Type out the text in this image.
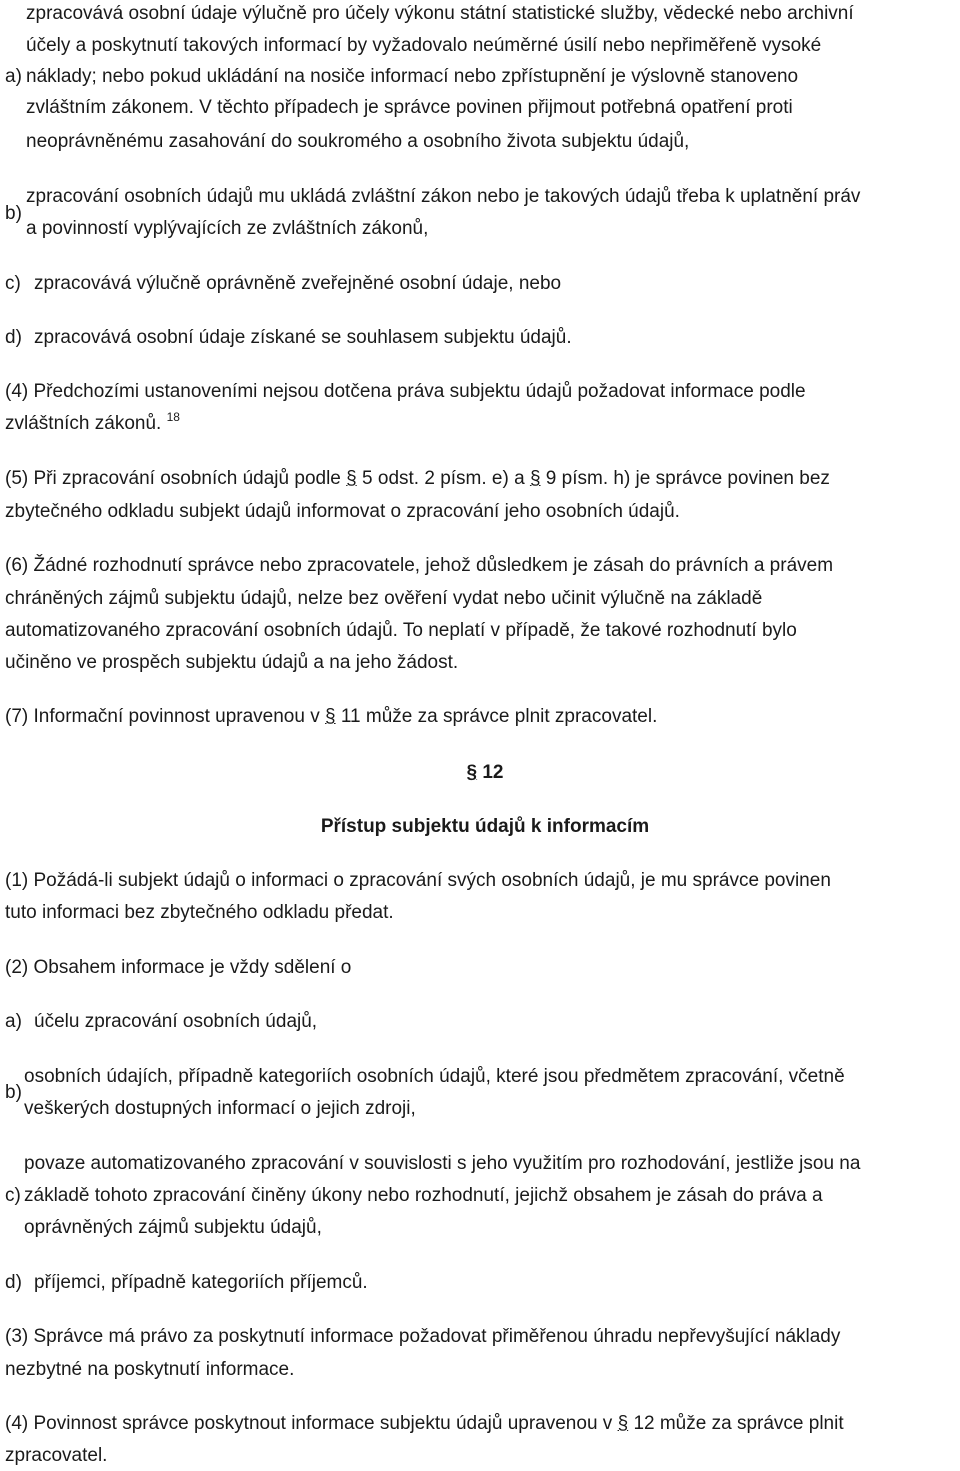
zpracovává osobní údaje výlučně pro účely výkonu státní statistické služby, vědecké nebo archivní
účely a poskytnutí takových informací by vyžadovalo neúměrné úsilí nebo nepřiměřeně vysoké
a) náklady; nebo pokud ukládání na nosiče informací nebo zpřístupnění je výslovně stanoveno
zvláštním zákonem. V těchto případech je správce povinen přijmout potřebná opatření proti
neoprávněnému zasahování do soukromého a osobního života subjektu údajů,
zpracování osobních údajů mu ukládá zvláštní zákon nebo je takových údajů třeba k uplatnění práv
b)
a povinností vyplývajících ze zvláštních zákonů,
c) zpracovává výlučně oprávněně zveřejněné osobní údaje, nebo
d) zpracovává osobní údaje získané se souhlasem subjektu údajů.
(4) Předchozími ustanoveními nejsou dotčena práva subjektu údajů požadovat informace podle
zvláštních zákonů. $^{18}$
(5) Při zpracování osobních údajů podle § 5 odst. 2 písm. e) a § 9 písm. h) je správce povinen bez
zbytečného odkladu subjekt údajů informovat o zpracování jeho osobních údajů.
(6) Žádné rozhodnutí správce nebo zpracovatele, jehož důsledkem je zásah do právních a právem
chráněných zájmů subjektu údajů, nelze bez ověření vydat nebo učinit výlučně na základě
automatizovaného zpracování osobních údajů. To neplatí v případě, že takové rozhodnutí bylo
učiněno ve prospěch subjektu údajů a na jeho žádost.
(7) Informační povinnost upravenou v § 11 může za správce plnit zpracovatel.
§ 12
Přístup subjektu údajů k informacím
(1) Požádá-li subjekt údajů o informaci o zpracování svých osobních údajů, je mu správce povinen
tuto informaci bez zbytečného odkladu předat.
(2) Obsahem informace je vždy sdělení o
a) účelu zpracování osobních údajů,
osobních údajích, případně kategoriích osobních údajů, které jsou předmětem zpracování, včetně
b)
veškerých dostupných informací o jejich zdroji,
povaze automatizovaného zpracování v souvislosti s jeho využitím pro rozhodování, jestliže jsou na
c) základě tohoto zpracování činěny úkony nebo rozhodnutí, jejichž obsahem je zásah do práva a
oprávněných zájmů subjektu údajů,
d) příjemci, případně kategoriích příjemců.
(3) Správce má právo za poskytnutí informace požadovat přiměřenou úhradu nepřevyšující náklady
nezbytné na poskytnutí informace.
(4) Povinnost správce poskytnout informace subjektu údajů upravenou v § 12 může za správce plnit
zpracovatel.
